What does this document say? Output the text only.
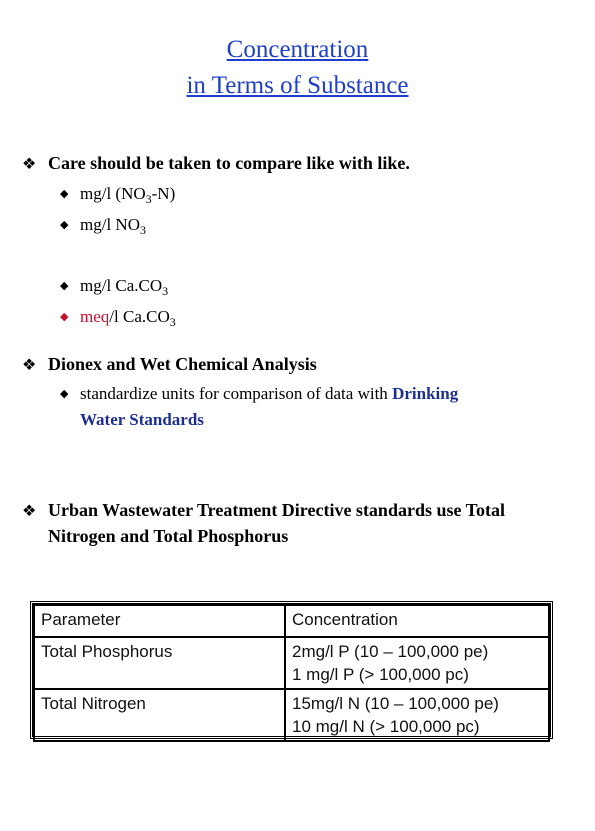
Concentration
in Terms of Substance
❖ Care should be taken to compare like with like.
◆ mg/l $(NO_3-N)$
◆ mg/l $NO_3$
◆ mg/l $Ca.CO_3$
◆ meq/l $Ca.CO_3$
❖ Dionex and Wet Chemical Analysis
◆ standardize units for comparison of data with Drinking
Water Standards
❖ Urban Wastewater Treatment Directive standards use Total
Nitrogen and Total Phosphorus
Parameter	Concentration
Total Phosphorus	2mg/l P (10 – 100,000 pe)
1 mg/l P (> 100,000 pc)

Total Nitrogen	15mg/l N (10 – 100,000 pe)
10 mg/l N (> 100,000 pc)
